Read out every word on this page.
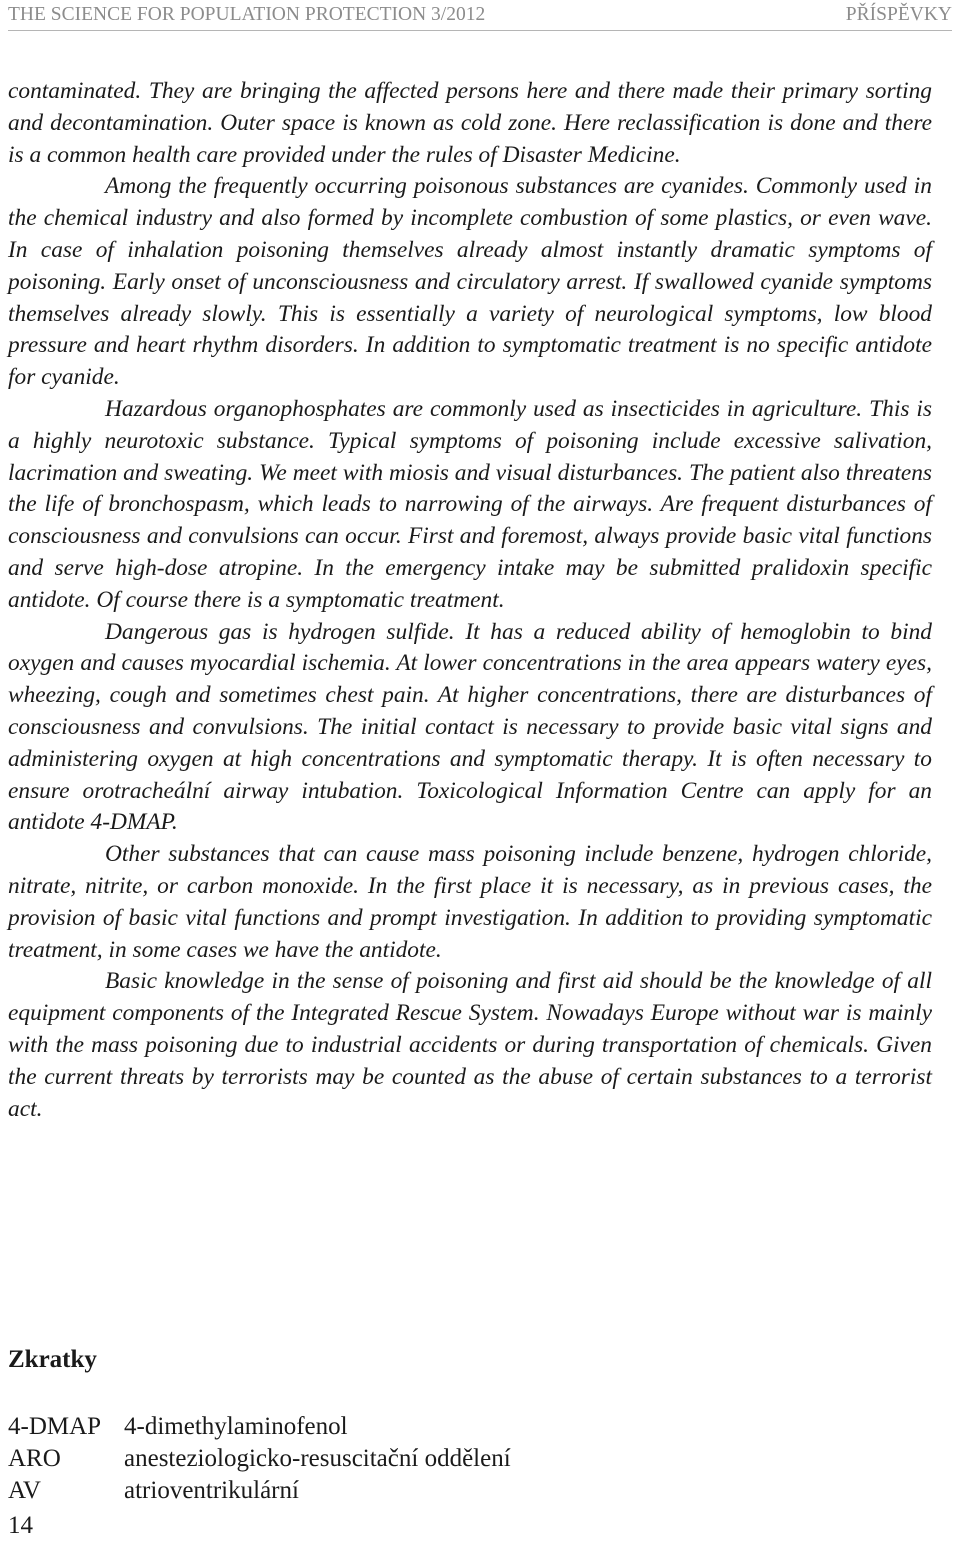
THE SCIENCE FOR POPULATION PROTECTION 3/2012	PŘÍSPĚVKY

contaminated. They are bringing the affected persons here and there made their primary sorting and decontamination. Outer space is known as cold zone. Here reclassification is done and there is a common health care provided under the rules of Disaster Medicine.

Among the frequently occurring poisonous substances are cyanides. Commonly used in the chemical industry and also formed by incomplete combustion of some plastics, or even wave. In case of inhalation poisoning themselves already almost instantly dramatic symptoms of poisoning. Early onset of unconsciousness and circulatory arrest. If swallowed cyanide symptoms themselves already slowly. This is essentially a variety of neurological symptoms, low blood pressure and heart rhythm disorders. In addition to symptomatic treatment is no specific antidote for cyanide.

Hazardous organophosphates are commonly used as insecticides in agriculture. This is a highly neurotoxic substance. Typical symptoms of poisoning include excessive salivation, lacrimation and sweating. We meet with miosis and visual disturbances. The patient also threatens the life of bronchospasm, which leads to narrowing of the airways. Are frequent disturbances of consciousness and convulsions can occur. First and foremost, always provide basic vital functions and serve high-dose atropine. In the emergency intake may be submitted pralidoxin specific antidote. Of course there is a symptomatic treatment.

Dangerous gas is hydrogen sulfide. It has a reduced ability of hemoglobin to bind oxygen and causes myocardial ischemia. At lower concentrations in the area appears watery eyes, wheezing, cough and sometimes chest pain. At higher concentrations, there are disturbances of consciousness and convulsions. The initial contact is necessary to provide basic vital signs and administering oxygen at high concentrations and symptomatic therapy. It is often necessary to ensure orotracheální airway intubation. Toxicological Information Centre can apply for an antidote 4-DMAP.

Other substances that can cause mass poisoning include benzene, hydrogen chloride, nitrate, nitrite, or carbon monoxide. In the first place it is necessary, as in previous cases, the provision of basic vital functions and prompt investigation. In addition to providing symptomatic treatment, in some cases we have the antidote.

Basic knowledge in the sense of poisoning and first aid should be the knowledge of all equipment components of the Integrated Rescue System. Nowadays Europe without war is mainly with the mass poisoning due to industrial accidents or during transportation of chemicals. Given the current threats by terrorists may be counted as the abuse of certain substances to a terrorist act.

Zkratky
4-DMAP 4-dimethylaminofenol
ARO	anesteziologicko-resuscitační oddělení
AV	atrioventrikulární
14
